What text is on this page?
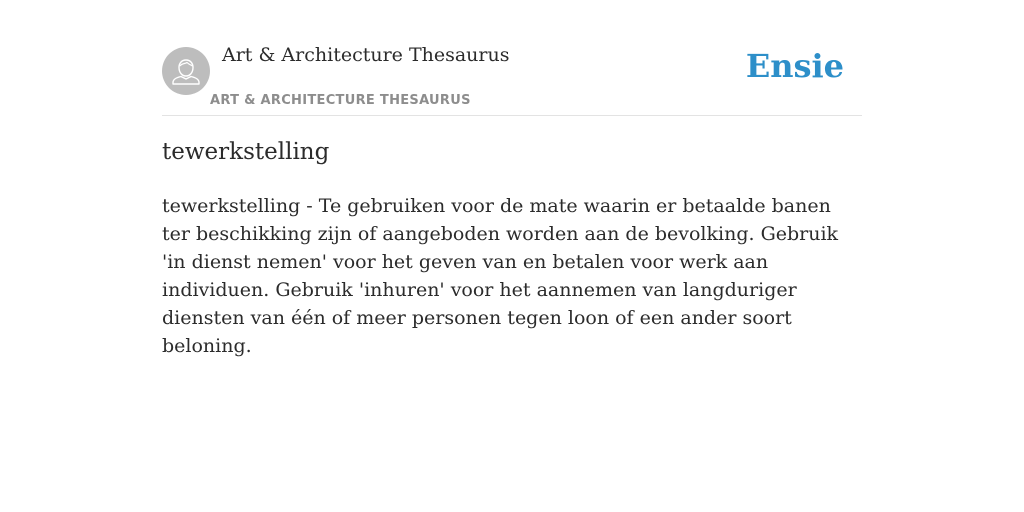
Art & Architecture Thesaurus
ART & ARCHITECTURE THESAURUS
Ensie
tewerkstelling

tewerkstelling - Te gebruiken voor de mate waarin er betaalde banen ter beschikking zijn of aangeboden worden aan de bevolking. Gebruik 'in dienst nemen' voor het geven van en betalen voor werk aan individuen. Gebruik 'inhuren' voor het aannemen van langduriger diensten van één of meer personen tegen loon of een ander soort beloning.
